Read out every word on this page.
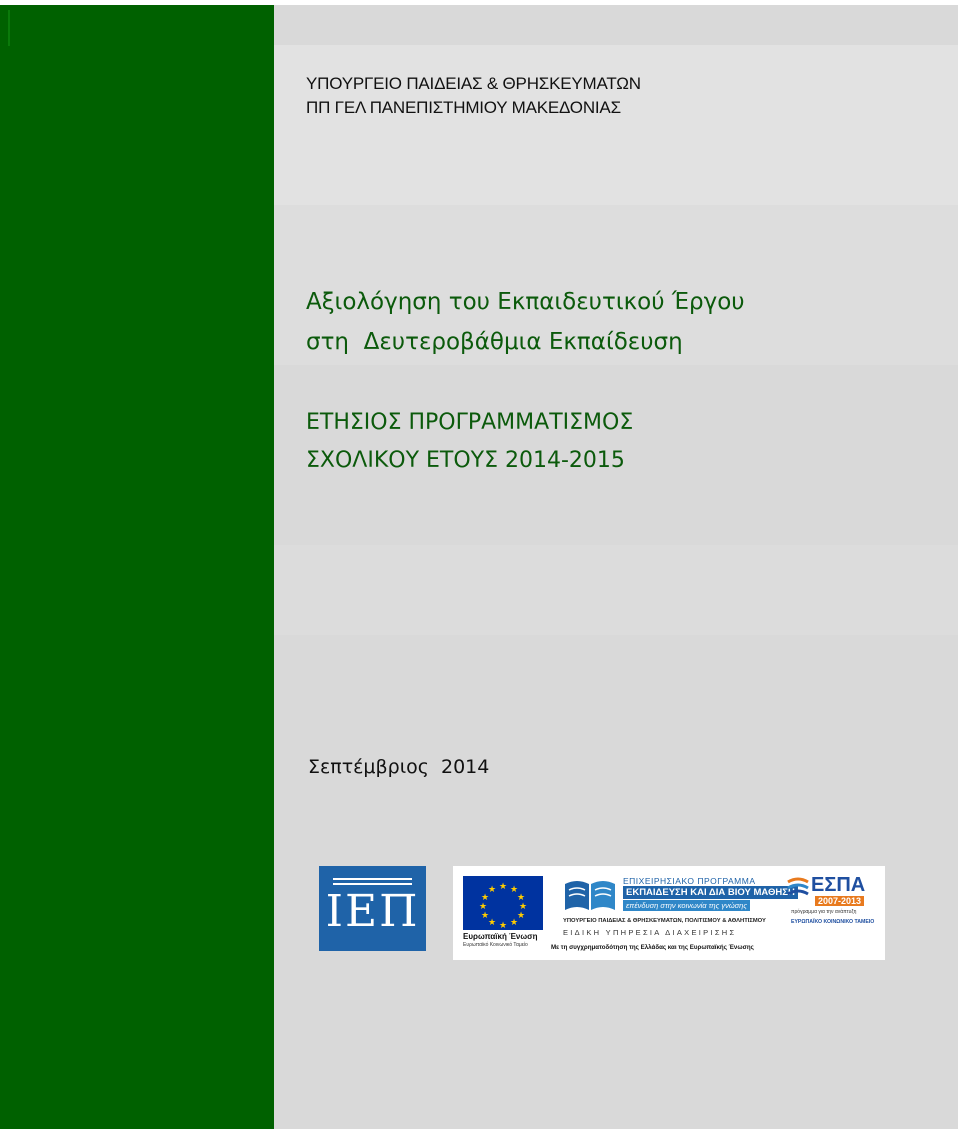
ΥΠΟΥΡΓΕΙΟ ΠΑΙΔΕΙΑΣ & ΘΡΗΣΚΕΥΜΑΤΩΝ
ΠΠ ΓΕΛ ΠΑΝΕΠΙΣΤΗΜΙΟΥ ΜΑΚΕΔΟΝΙΑΣ
Αξιολόγηση του Εκπαιδευτικού Έργου
στη  Δευτεροβάθμια Εκπαίδευση
ΕΤΗΣΙΟΣ ΠΡΟΓΡΑΜΜΑΤΙΣΜΟΣ
ΣΧΟΛΙΚΟΥ ΕΤΟΥΣ 2014-2015
Σεπτέμβριος  2014
ΙΕΠ	★ ★
★
★
★
★
★
★
★
★
★
★
Ευρωπαϊκή Ένωση
Ευρωπαϊκό Κοινωνικό Ταμείο
ΕΠΙΧΕΙΡΗΣΙΑΚΟ ΠΡΟΓΡΑΜΜΑ
ΕΚΠΑΙΔΕΥΣΗ ΚΑΙ ΔΙΑ ΒΙΟΥ ΜΑΘΗΣΗ
επένδυση στην κοινωνία της γνώσης
ΥΠΟΥΡΓΕΙΟ ΠΑΙΔΕΙΑΣ & ΘΡΗΣΚΕΥΜΑΤΩΝ, ΠΟΛΙΤΙΣΜΟΥ & ΑΘΛΗΤΙΣΜΟΥ
ΕΙΔΙΚΗ ΥΠΗΡΕΣΙΑ ΔΙΑΧΕΙΡΙΣΗΣ
Με τη συγχρηματοδότηση της Ελλάδας και της Ευρωπαϊκής Ένωσης
ΕΣΠΑ
2007-2013
πρόγραμμα για την ανάπτυξη
ΕΥΡΩΠΑΪΚΟ ΚΟΙΝΩΝΙΚΟ ΤΑΜΕΙΟ
